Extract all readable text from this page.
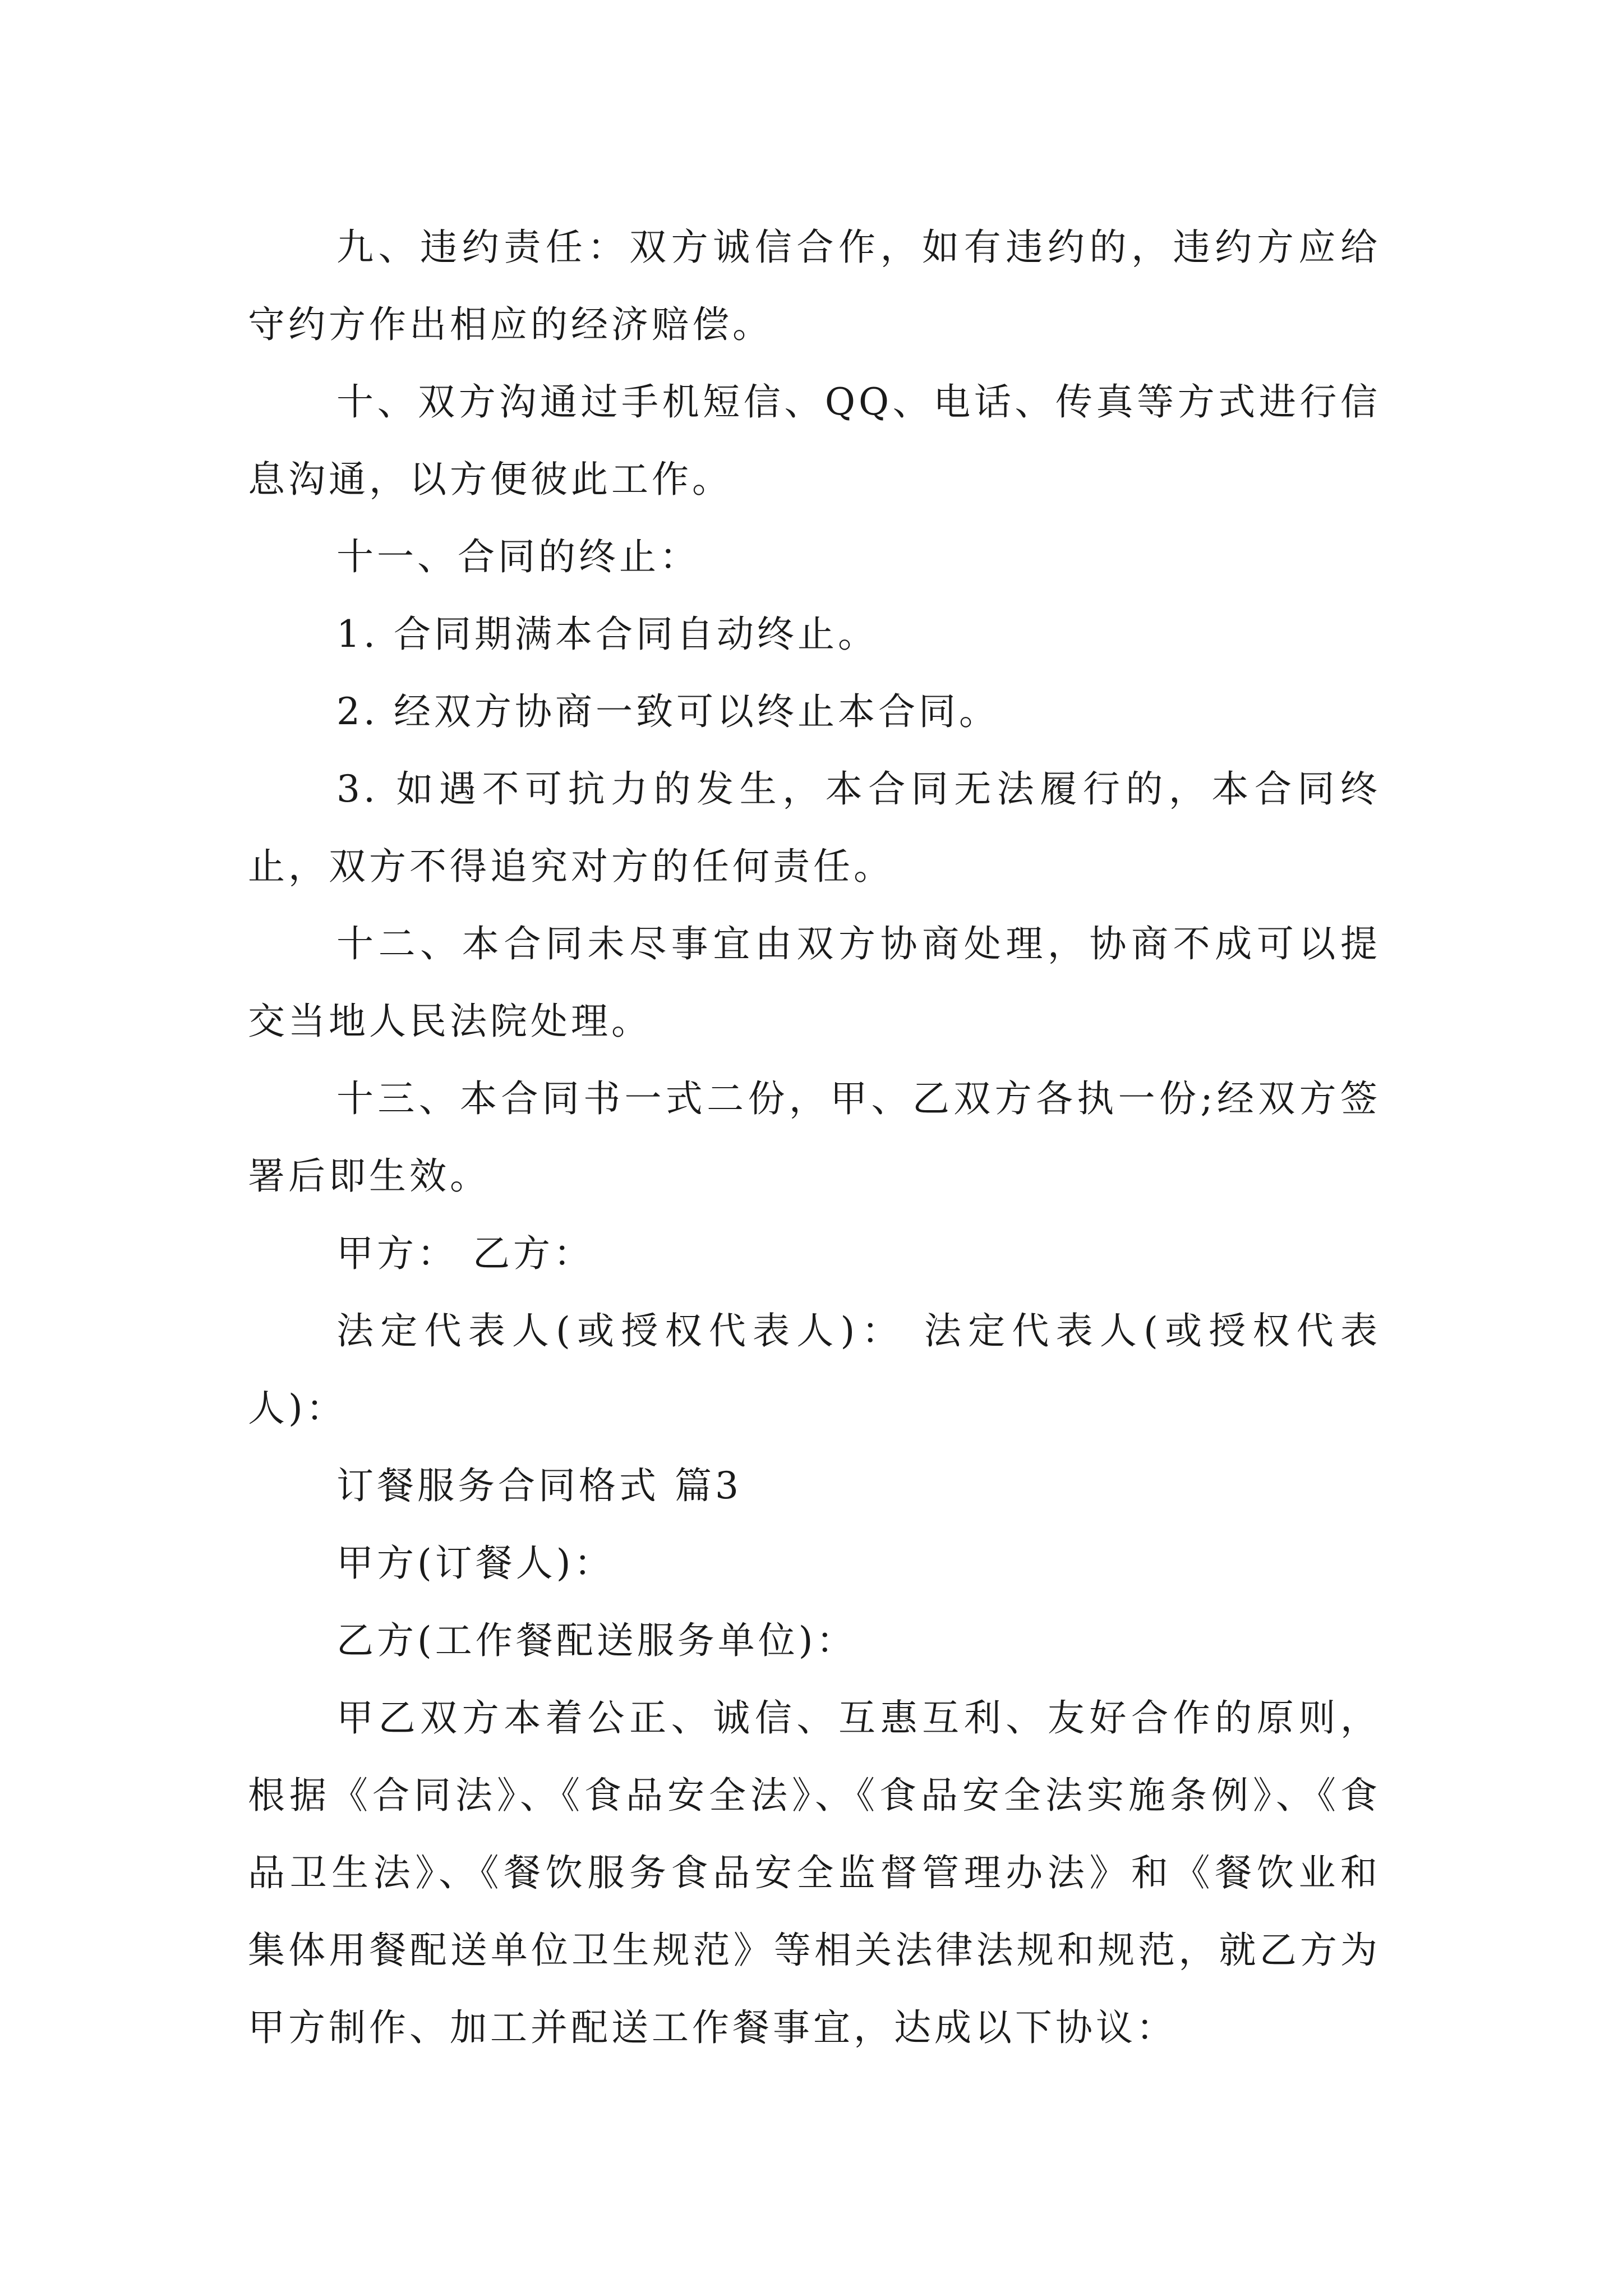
九、违约责任：双方诚信合作，如有违约的，违约方应给守约方作出相应的经济赔偿。

十、双方沟通过手机短信、QQ、电话、传真等方式进行信息沟通，以方便彼此工作。

十一、合同的终止：

1. 合同期满本合同自动终止。

2. 经双方协商一致可以终止本合同。

3. 如遇不可抗力的发生，本合同无法履行的，本合同终止，双方不得追究对方的任何责任。

十二、本合同未尽事宜由双方协商处理，协商不成可以提交当地人民法院处理。

十三、本合同书一式二份，甲、乙双方各执一份;经双方签署后即生效。

甲方： 乙方：

法定代表人(或授权代表人)： 法定代表人(或授权代表人)：

订餐服务合同格式 篇3

甲方(订餐人)：

乙方(工作餐配送服务单位)：

甲乙双方本着公正、诚信、互惠互利、友好合作的原则，根据《合同法》、《食品安全法》、《食品安全法实施条例》、《食品卫生法》、《餐饮服务食品安全监督管理办法》和《餐饮业和集体用餐配送单位卫生规范》等相关法律法规和规范，就乙方为甲方制作、加工并配送工作餐事宜，达成以下协议：
